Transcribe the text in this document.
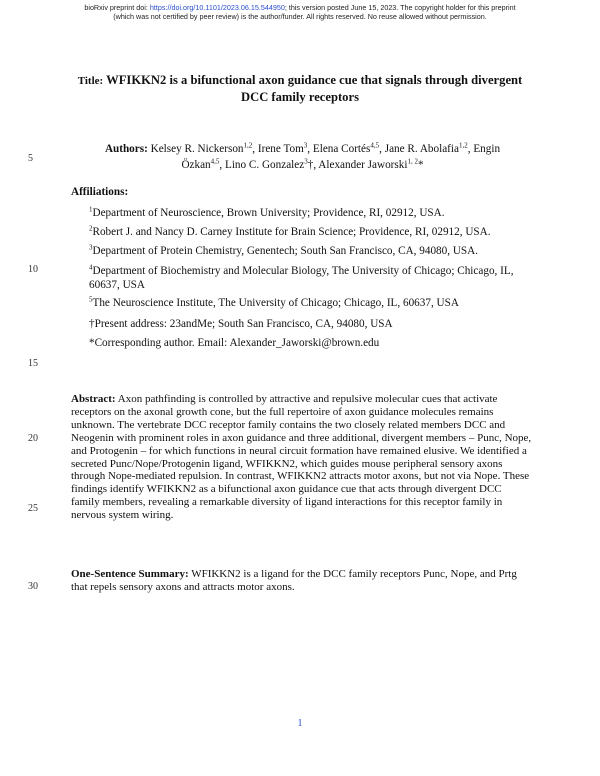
bioRxiv preprint doi: https://doi.org/10.1101/2023.06.15.544950; this version posted June 15, 2023. The copyright holder for this preprint
(which was not certified by peer review) is the author/funder. All rights reserved. No reuse allowed without permission.
5
10
15
20
25
30
Title: WFIKKN2 is a bifunctional axon guidance cue that signals through divergent DCC family receptors
Authors: Kelsey R. Nickerson$^{1,2}$, Irene Tom$^3$, Elena Cortés$^{4,5}$, Jane R. Abolafia$^{1,2}$, Engin Özkan$^{4,5}$, Lino C. Gonzalez$^3$†, Alexander Jaworski$^{1, 2}$*
Affiliations:
$^1$Department of Neuroscience, Brown University; Providence, RI, 02912, USA.
$^2$Robert J. and Nancy D. Carney Institute for Brain Science; Providence, RI, 02912, USA.
$^3$Department of Protein Chemistry, Genentech; South San Francisco, CA, 94080, USA.
$^4$Department of Biochemistry and Molecular Biology, The University of Chicago; Chicago, IL, 60637, USA
$^5$The Neuroscience Institute, The University of Chicago; Chicago, IL, 60637, USA
†Present address: 23andMe; South San Francisco, CA, 94080, USA
*Corresponding author. Email: Alexander_Jaworski@brown.edu
Abstract: Axon pathfinding is controlled by attractive and repulsive molecular cues that activate receptors on the axonal growth cone, but the full repertoire of axon guidance molecules remains unknown. The vertebrate DCC receptor family contains the two closely related members DCC and Neogenin with prominent roles in axon guidance and three additional, divergent members – Punc, Nope, and Protogenin – for which functions in neural circuit formation have remained elusive. We identified a secreted Punc/Nope/Protogenin ligand, WFIKKN2, which guides mouse peripheral sensory axons through Nope-mediated repulsion. In contrast, WFIKKN2 attracts motor axons, but not via Nope. These findings identify WFIKKN2 as a bifunctional axon guidance cue that acts through divergent DCC family members, revealing a remarkable diversity of ligand interactions for this receptor family in nervous system wiring.
One-Sentence Summary: WFIKKN2 is a ligand for the DCC family receptors Punc, Nope, and Prtg that repels sensory axons and attracts motor axons.
1
